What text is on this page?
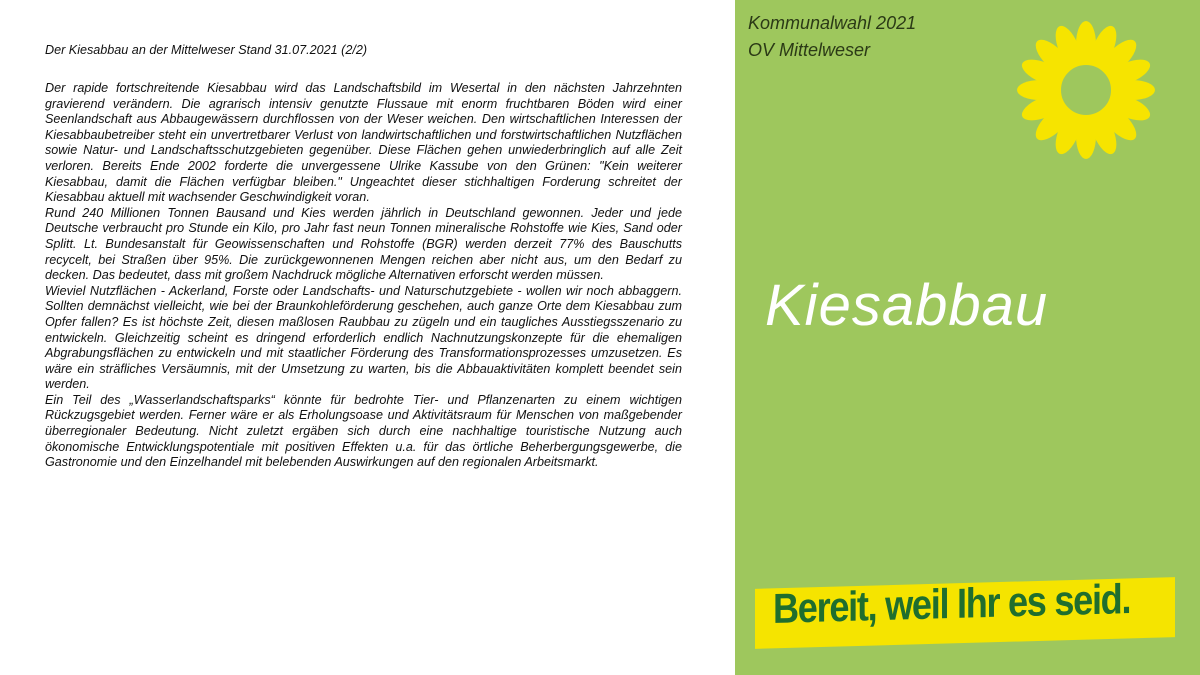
Der Kiesabbau an der Mittelweser Stand 31.07.2021 (2/2)

Der rapide fortschreitende Kiesabbau wird das Landschaftsbild im Wesertal in den nächsten Jahrzehnten gravierend verändern. Die agrarisch intensiv genutzte Flussaue mit enorm fruchtbaren Böden wird einer Seenlandschaft aus Abbaugewässern durchflossen von der Weser weichen. Den wirtschaftlichen Interessen der Kiesabbaubetreiber steht ein unvertretbarer Verlust von landwirtschaftlichen und forstwirtschaftlichen Nutzflächen sowie Natur- und Landschaftsschutzgebieten gegenüber. Diese Flächen gehen unwiederbringlich auf alle Zeit verloren. Bereits Ende 2002 forderte die unvergessene Ulrike Kassube von den Grünen: "Kein weiterer Kiesabbau, damit die Flächen verfügbar bleiben." Ungeachtet dieser stichhaltigen Forderung schreitet der Kiesabbau aktuell mit wachsender Geschwindigkeit voran.

Rund 240 Millionen Tonnen Bausand und Kies werden jährlich in Deutschland gewonnen. Jeder und jede Deutsche verbraucht pro Stunde ein Kilo, pro Jahr fast neun Tonnen mineralische Rohstoffe wie Kies, Sand oder Splitt. Lt. Bundesanstalt für Geowissenschaften und Rohstoffe (BGR) werden derzeit 77% des Bauschutts recycelt, bei Straßen über 95%. Die zurückgewonnenen Mengen reichen aber nicht aus, um den Bedarf zu decken. Das bedeutet, dass mit großem Nachdruck mögliche Alternativen erforscht werden müssen.

Wieviel Nutzflächen - Ackerland, Forste oder Landschafts- und Naturschutzgebiete - wollen wir noch abbaggern. Sollten demnächst vielleicht, wie bei der Braunkohleförderung geschehen, auch ganze Orte dem Kiesabbau zum Opfer fallen? Es ist höchste Zeit, diesen maßlosen Raubbau zu zügeln und ein taugliches Ausstiegsszenario zu entwickeln. Gleichzeitig scheint es dringend erforderlich endlich Nachnutzungskonzepte für die ehemaligen Abgrabungsflächen zu entwickeln und mit staatlicher Förderung des Transformationsprozesses umzusetzen. Es wäre ein sträfliches Versäumnis, mit der Umsetzung zu warten, bis die Abbauaktivitäten komplett beendet sein werden.

Ein Teil des „Wasserlandschaftsparks“ könnte für bedrohte Tier- und Pflanzenarten zu einem wichtigen Rückzugsgebiet werden. Ferner wäre er als Erholungsoase und Aktivitätsraum für Menschen von maßgebender überregionaler Bedeutung. Nicht zuletzt ergäben sich durch eine nachhaltige touristische Nutzung auch ökonomische Entwicklungspotentiale mit positiven Effekten u.a. für das örtliche Beherbergungsgewerbe, die Gastronomie und den Einzelhandel mit belebenden Auswirkungen auf den regionalen Arbeitsmarkt.

Kommunalwahl 2021
OV Mittelweser
Kiesabbau
Bereit, weil Ihr es seid.
